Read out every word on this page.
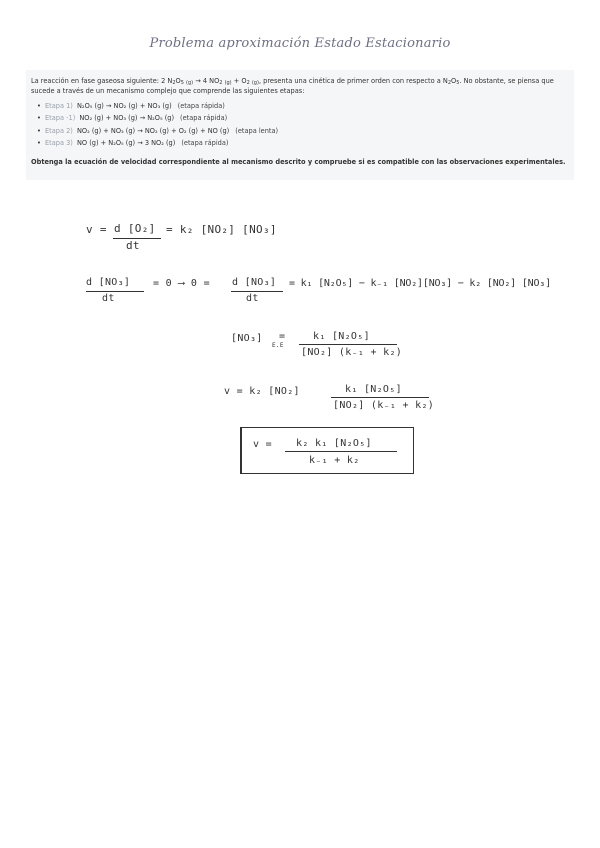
Problema aproximación Estado Estacionario
La reacción en fase gaseosa siguiente: 2 $N_2O_5$ $_{(g)}$ → 4 $NO_2$ $_{(g)} + O_2$ $_{(g)}$, presenta una cinética de primer orden con respecto a $N_2O_5$. No obstante, se piensa que sucede a través de un mecanismo complejo que comprende las siguientes etapas:
• Etapa 1) N₂O₅ (g) → NO₂ (g) + NO₃ (g) (etapa rápida)
• Etapa -1) NO₂ (g) + NO₃ (g) → N₂O₅ (g) (etapa rápida)
• Etapa 2) NO₂ (g) + NO₃ (g) → NO₂ (g) + O₂ (g) + NO (g) (etapa lenta)
• Etapa 3) NO (g) + N₂O₅ (g) → 3 NO₂ (g) (etapa rápida)
Obtenga la ecuación de velocidad correspondiente al mecanismo descrito y compruebe si es compatible con las observaciones experimentales.
v = d [O₂]
dt
= k₂ [NO₂] [NO₃]
d [NO₃]
dt
= 0 ⟶ 0 = d [NO₃]
dt
= k₁ [N₂O₅] − k₋₁ [NO₂][NO₃] − k₂ [NO₂] [NO₃]
[NO₃]
E.E
=	k₁ [N₂O₅]
[NO₂] (k₋₁ + k₂)
v = k₂ [NO₂]	k₁ [N₂O₅]
[NO₂] (k₋₁ + k₂)
v = k₂ k₁ [N₂O₅]
k₋₁ + k₂
